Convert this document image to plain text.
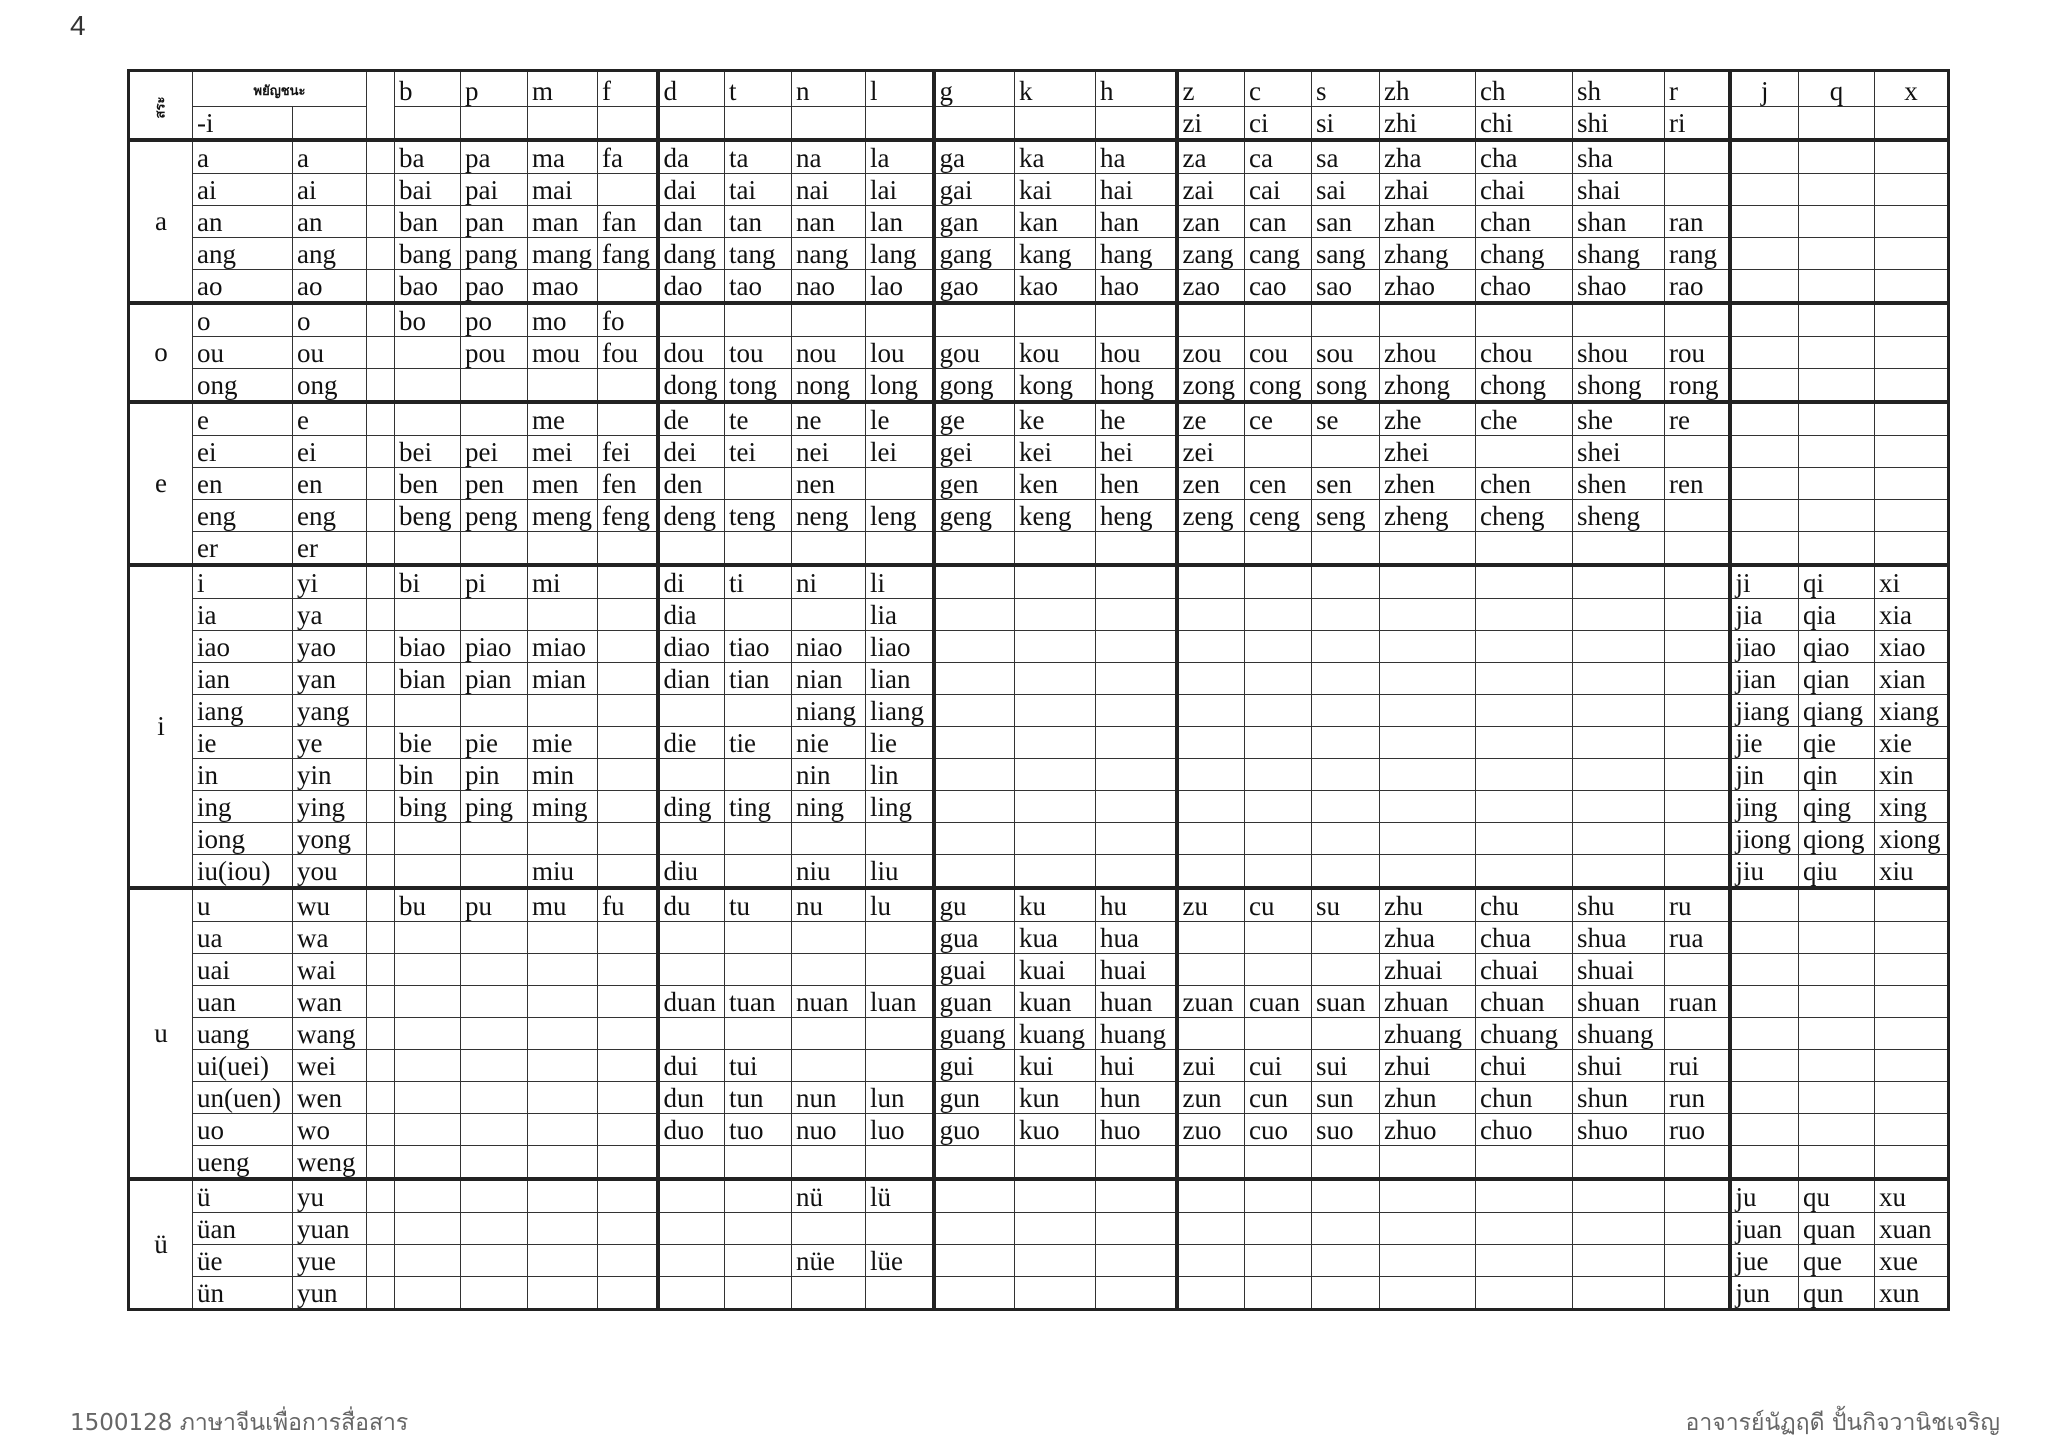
4
สระ	พยัญชนะ			b	p	m	f	d	t	n	l	g	k	h	z	c	s	zh	ch	sh	r	j	q	x
	-i														zi	ci	si	zhi	chi	shi	ri			
a	a	a		ba	pa	ma	fa	da	ta	na	la	ga	ka	ha	za	ca	sa	zha	cha	sha				
	ai	ai		bai	pai	mai		dai	tai	nai	lai	gai	kai	hai	zai	cai	sai	zhai	chai	shai				
	an	an		ban	pan	man	fan	dan	tan	nan	lan	gan	kan	han	zan	can	san	zhan	chan	shan	ran			
	ang	ang		bang	pang	mang	fang	dang	tang	nang	lang	gang	kang	hang	zang	cang	sang	zhang	chang	shang	rang			
	ao	ao		bao	pao	mao		dao	tao	nao	lao	gao	kao	hao	zao	cao	sao	zhao	chao	shao	rao			
o	o	o		bo	po	mo	fo																	
	ou	ou			pou	mou	fou	dou	tou	nou	lou	gou	kou	hou	zou	cou	sou	zhou	chou	shou	rou			
	ong	ong						dong	tong	nong	long	gong	kong	hong	zong	cong	song	zhong	chong	shong	rong			
e	e	e				me		de	te	ne	le	ge	ke	he	ze	ce	se	zhe	che	she	re			
	ei	ei		bei	pei	mei	fei	dei	tei	nei	lei	gei	kei	hei	zei			zhei		shei				
	en	en		ben	pen	men	fen	den		nen		gen	ken	hen	zen	cen	sen	zhen	chen	shen	ren			
	eng	eng		beng	peng	meng	feng	deng	teng	neng	leng	geng	keng	heng	zeng	ceng	seng	zheng	cheng	sheng				
	er	er																						
i	i	yi		bi	pi	mi		di	ti	ni	li											ji	qi	xi
	ia	ya						dia			lia											jia	qia	xia
	iao	yao		biao	piao	miao		diao	tiao	niao	liao											jiao	qiao	xiao
	ian	yan		bian	pian	mian		dian	tian	nian	lian											jian	qian	xian
	iang	yang								niang	liang											jiang	qiang	xiang
	ie	ye		bie	pie	mie		die	tie	nie	lie											jie	qie	xie
	in	yin		bin	pin	min				nin	lin											jin	qin	xin
	ing	ying		bing	ping	ming		ding	ting	ning	ling											jing	qing	xing
	iong	yong																				jiong	qiong	xiong
	iu(iou)	you				miu		diu		niu	liu											jiu	qiu	xiu
u	u	wu		bu	pu	mu	fu	du	tu	nu	lu	gu	ku	hu	zu	cu	su	zhu	chu	shu	ru			
	ua	wa										gua	kua	hua				zhua	chua	shua	rua			
	uai	wai										guai	kuai	huai				zhuai	chuai	shuai				
	uan	wan						duan	tuan	nuan	luan	guan	kuan	huan	zuan	cuan	suan	zhuan	chuan	shuan	ruan			
	uang	wang										guang	kuang	huang				zhuang	chuang	shuang				
	ui(uei)	wei						dui	tui			gui	kui	hui	zui	cui	sui	zhui	chui	shui	rui			
	un(uen)	wen						dun	tun	nun	lun	gun	kun	hun	zun	cun	sun	zhun	chun	shun	run			
	uo	wo						duo	tuo	nuo	luo	guo	kuo	huo	zuo	cuo	suo	zhuo	chuo	shuo	ruo			
	ueng	weng																						
ü	ü	yu								nü	lü											ju	qu	xu
	üan	yuan																				juan	quan	xuan
	üe	yue								nüe	lüe											jue	que	xue
	ün	yun																				jun	qun	xun
1500128 ภาษาจีนเพื่อการสื่อสาร	อาจารย์นัฏฤดี ปั้นกิจวานิชเจริญ
